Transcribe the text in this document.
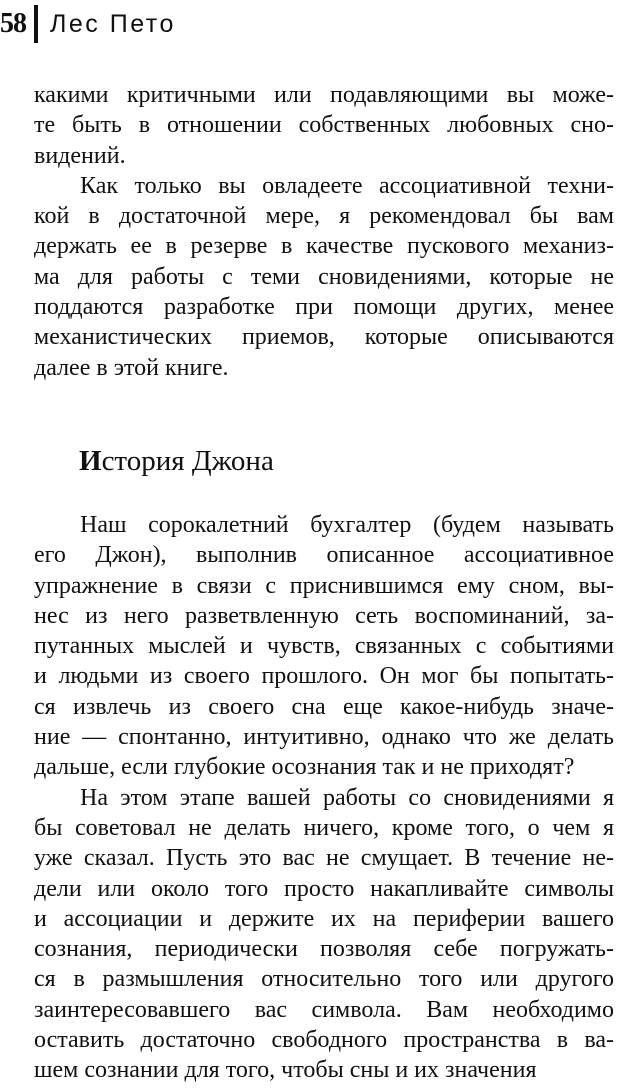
58 Лес Пето
какими критичными или подавляющими вы може-
те быть в отношении собственных любовных сно-
видений.
Как только вы овладеете ассоциативной техни-
кой в достаточной мере, я рекомендовал бы вам
держать ее в резерве в качестве пускового механиз-
ма для работы с теми сновидениями, которые не
поддаются разработке при помощи других, менее
механистических приемов, которые описываются
далее в этой книге.
История Джона
Наш сорокалетний бухгалтер (будем называть
его Джон), выполнив описанное ассоциативное
упражнение в связи с приснившимся ему сном, вы-
нес из него разветвленную сеть воспоминаний, за-
путанных мыслей и чувств, связанных с событиями
и людьми из своего прошлого. Он мог бы попытать-
ся извлечь из своего сна еще какое-нибудь значе-
ние — спонтанно, интуитивно, однако что же делать
дальше, если глубокие осознания так и не приходят?
На этом этапе вашей работы со сновидениями я
бы советовал не делать ничего, кроме того, о чем я
уже сказал. Пусть это вас не смущает. В течение не-
дели или около того просто накапливайте символы
и ассоциации и держите их на периферии вашего
сознания, периодически позволяя себе погружать-
ся в размышления относительно того или другого
заинтересовавшего вас символа. Вам необходимо
оставить достаточно свободного пространства в ва-
шем сознании для того, чтобы сны и их значения
